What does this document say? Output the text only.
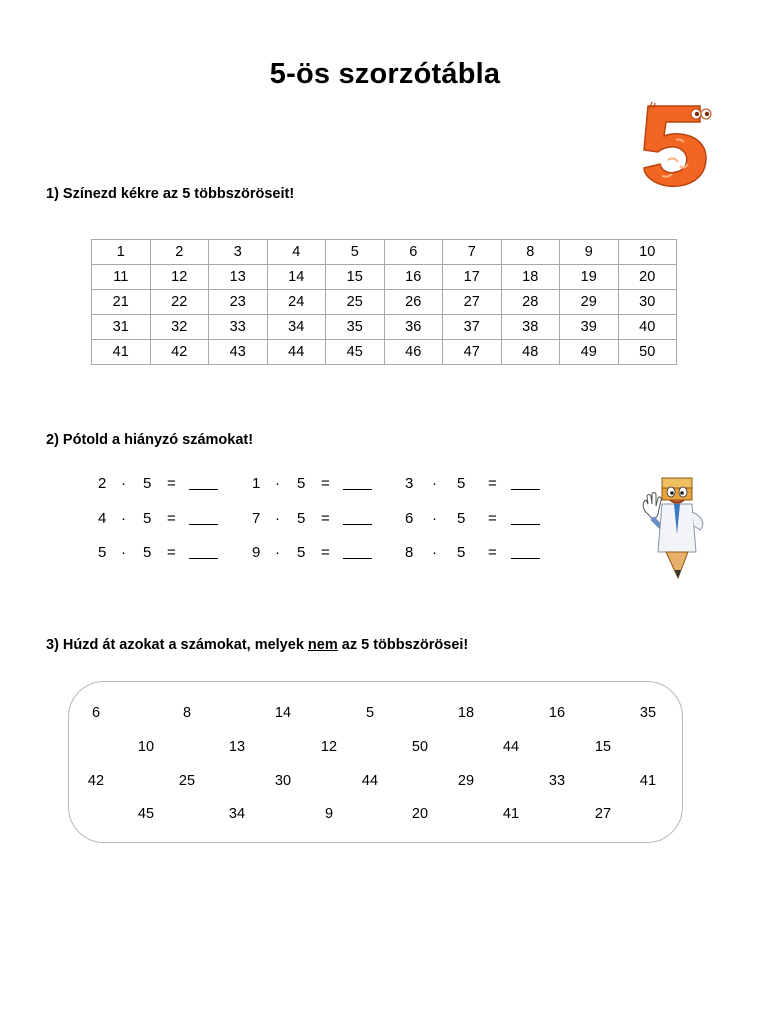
5-ös szorzótábla
1) Színezd kékre az 5 többszöröseit!
1	2	3	4	5	6	7	8	9	10
11	12	13	14	15	16	17	18	19	20
21	22	23	24	25	26	27	28	29	30
31	32	33	34	35	36	37	38	39	40
41	42	43	44	45	46	47	48	49	50
2) Pótold a hiányzó számokat!
2 · 5 =	1 · 5 =	3 · 5 =
4 · 5 =	7 · 5 =	6 · 5 =
5 · 5 =	9 · 5 =	8 · 5 =
3) Húzd át azokat a számokat, melyek nem az 5 többszörösei!
6	8	14	5	18	16	35
10	13	12	50	44	15
42	25	30	44	29	33	41
45	34	9	20	41	27
